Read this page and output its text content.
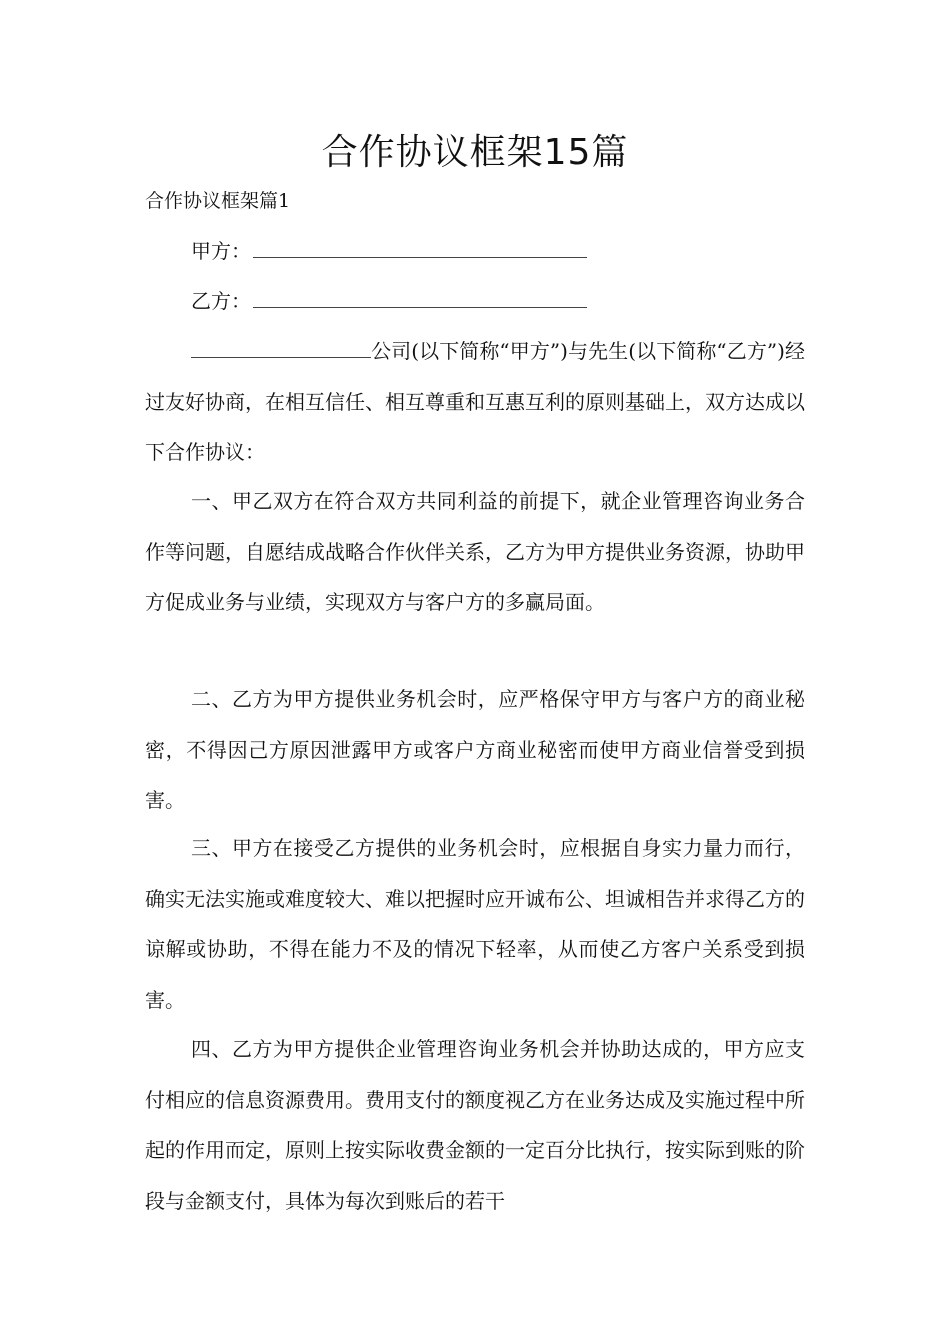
合作协议框架15篇

合作协议框架篇1

甲方：
乙方：

公司(以下简称“甲方”)与先生(以下简称“乙方”)经过友好协商，在相互信任、相互尊重和互惠互利的原则基础上，双方达成以下合作协议：

一、甲乙双方在符合双方共同利益的前提下，就企业管理咨询业务合作等问题，自愿结成战略合作伙伴关系，乙方为甲方提供业务资源，协助甲方促成业务与业绩，实现双方与客户方的多赢局面。

二、乙方为甲方提供业务机会时，应严格保守甲方与客户方的商业秘密，不得因己方原因泄露甲方或客户方商业秘密而使甲方商业信誉受到损害。

三、甲方在接受乙方提供的业务机会时，应根据自身实力量力而行，确实无法实施或难度较大、难以把握时应开诚布公、坦诚相告并求得乙方的谅解或协助，不得在能力不及的情况下轻率，从而使乙方客户关系受到损害。

四、乙方为甲方提供企业管理咨询业务机会并协助达成的，甲方应支付相应的信息资源费用。费用支付的额度视乙方在业务达成及实施过程中所起的作用而定，原则上按实际收费金额的一定百分比执行，按实际到账的阶段与金额支付，具体为每次到账后的若干
